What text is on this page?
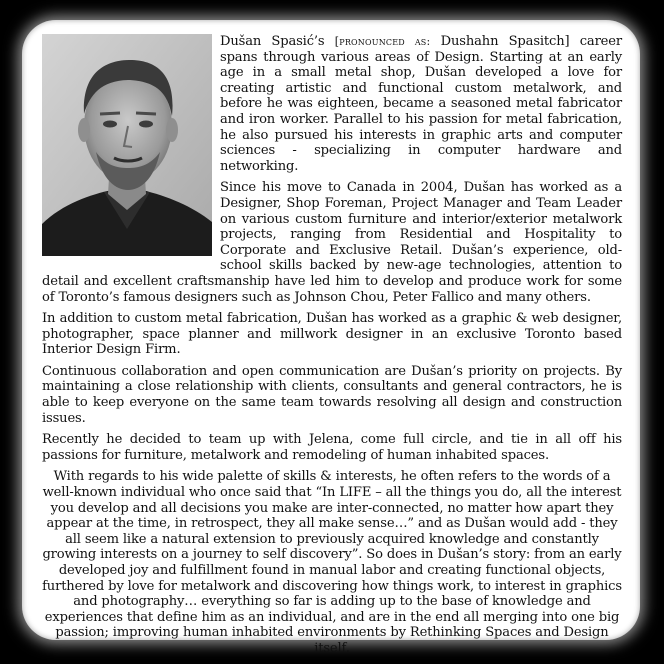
Dušan Spasić’s [pronounced as: Dushahn Spasitch] career spans through various areas of Design. Starting at an early age in a small metal shop, Dušan developed a love for creating artistic and functional custom metalwork, and before he was eighteen, became a seasoned metal fabricator and iron worker. Parallel to his passion for metal fabrication, he also pursued his interests in graphic arts and computer sciences - specializing in computer hardware and networking.

Since his move to Canada in 2004, Dušan has worked as a Designer, Shop Foreman, Project Manager and Team Leader on various custom furniture and interior/exterior metalwork projects, ranging from Residential and Hospitality to Corporate and Exclusive Retail. Dušan’s experience, old-school skills backed by new-age technologies, attention to detail and excellent craftsmanship have led him to develop and produce work for some of Toronto’s famous designers such as Johnson Chou, Peter Fallico and many others.

In addition to custom metal fabrication, Dušan has worked as a graphic & web designer, photographer, space planner and millwork designer in an exclusive Toronto based Interior Design Firm.

Continuous collaboration and open communication are Dušan’s priority on projects. By maintaining a close relationship with clients, consultants and general contractors, he is able to keep everyone on the same team towards resolving all design and construction issues.

Recently he decided to team up with Jelena, come full circle, and tie in all off his passions for furniture, metalwork and remodeling of human inhabited spaces.

With regards to his wide palette of skills & interests, he often refers to the words of a well-known individual who once said that “In LIFE – all the things you do, all the interest you develop and all decisions you make are inter-connected, no matter how apart they appear at the time, in retrospect, they all make sense…” and as Dušan would add - they all seem like a natural extension to previously acquired knowledge and constantly growing interests on a journey to self discovery”. So does in Dušan’s story: from an early developed joy and fulfillment found in manual labor and creating functional objects, furthered by love for metalwork and discovering how things work, to interest in graphics and photography… everything so far is adding up to the base of knowledge and experiences that define him as an individual, and are in the end all merging into one big passion; improving human inhabited environments by Rethinking Spaces and Design itself.
